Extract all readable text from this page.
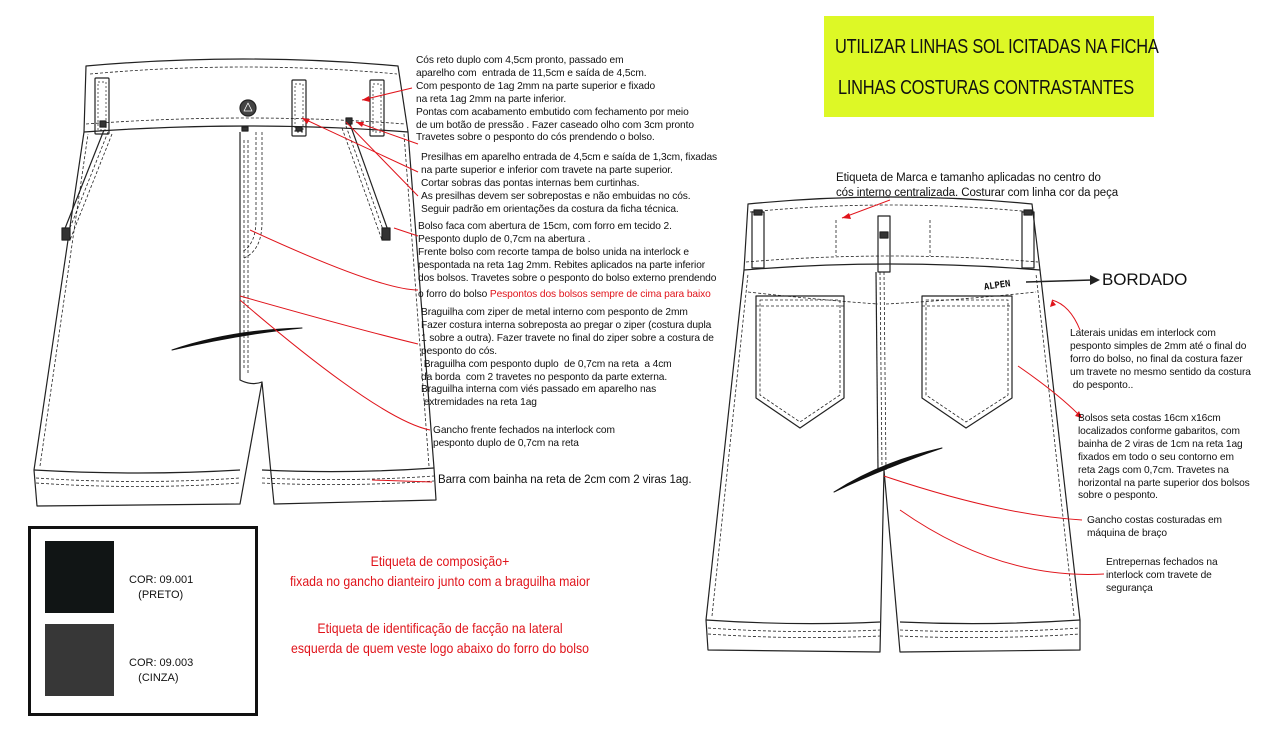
UTILIZAR LINHAS SOL ICITADAS NA FICHA
LINHAS COSTURAS CONTRASTANTES
Cós reto duplo com 4,5cm pronto, passado em
aparelho com  entrada de 11,5cm e saída de 4,5cm.
Com pesponto de 1ag 2mm na parte superior e fixado
na reta 1ag 2mm na parte inferior.
Pontas com acabamento embutido com fechamento por meio
de um botão de pressão . Fazer caseado olho com 3cm pronto
Travetes sobre o pesponto do cós prendendo o bolso.
Presilhas em aparelho entrada de 4,5cm e saída de 1,3cm, fixadas
na parte superior e inferior com travete na parte superior.
Cortar sobras das pontas internas bem curtinhas.
As presilhas devem ser sobrepostas e não embuidas no cós.
Seguir padrão em orientações da costura da ficha técnica.
Bolso faca com abertura de 15cm, com forro em tecido 2.
Pesponto duplo de 0,7cm na abertura .
Frente bolso com recorte tampa de bolso unida na interlock e
pespontada na reta 1ag 2mm. Rebites aplicados na parte inferior
dos bolsos. Travetes sobre o pesponto do bolso externo prendendo
o forro do bolso Pespontos dos bolsos sempre de cima para baixo
Braguilha com ziper de metal interno com pesponto de 2mm
Fazer costura interna sobreposta ao pregar o ziper (costura dupla
1 sobre a outra). Fazer travete no final do ziper sobre a costura de
pesponto do cós.
Braguilha com pesponto duplo  de 0,7cm na reta  a 4cm
da borda  com 2 travetes no pesponto da parte externa.
Braguilha interna com viés passado em aparelho nas
extremidades na reta 1ag
Gancho frente fechados na interlock com
pesponto duplo de 0,7cm na reta
Barra com bainha na reta de 2cm com 2 viras 1ag.
Etiqueta de Marca e tamanho aplicadas no centro do
cós interno centralizada. Costurar com linha cor da peça
BORDADO
ALPEN
Laterais unidas em interlock com
pesponto simples de 2mm até o final do
forro do bolso, no final da costura fazer
um travete no mesmo sentido da costura
do pesponto..
Bolsos seta costas 16cm x16cm
localizados conforme gabaritos, com
bainha de 2 viras de 1cm na reta 1ag
fixados em todo o seu contorno em
reta 2ags com 0,7cm. Travetes na
horizontal na parte superior dos bolsos
sobre o pesponto.
Gancho costas costuradas em
máquina de braço
Entrepernas fechados na
interlock com travete de
segurança
Etiqueta de composição+
fixada no gancho dianteiro junto com a braguilha maior
Etiqueta de identificação de facção na lateral
esquerda de quem veste logo abaixo do forro do bolso
COR: 09.001
(PRETO)
COR: 09.003
(CINZA)
